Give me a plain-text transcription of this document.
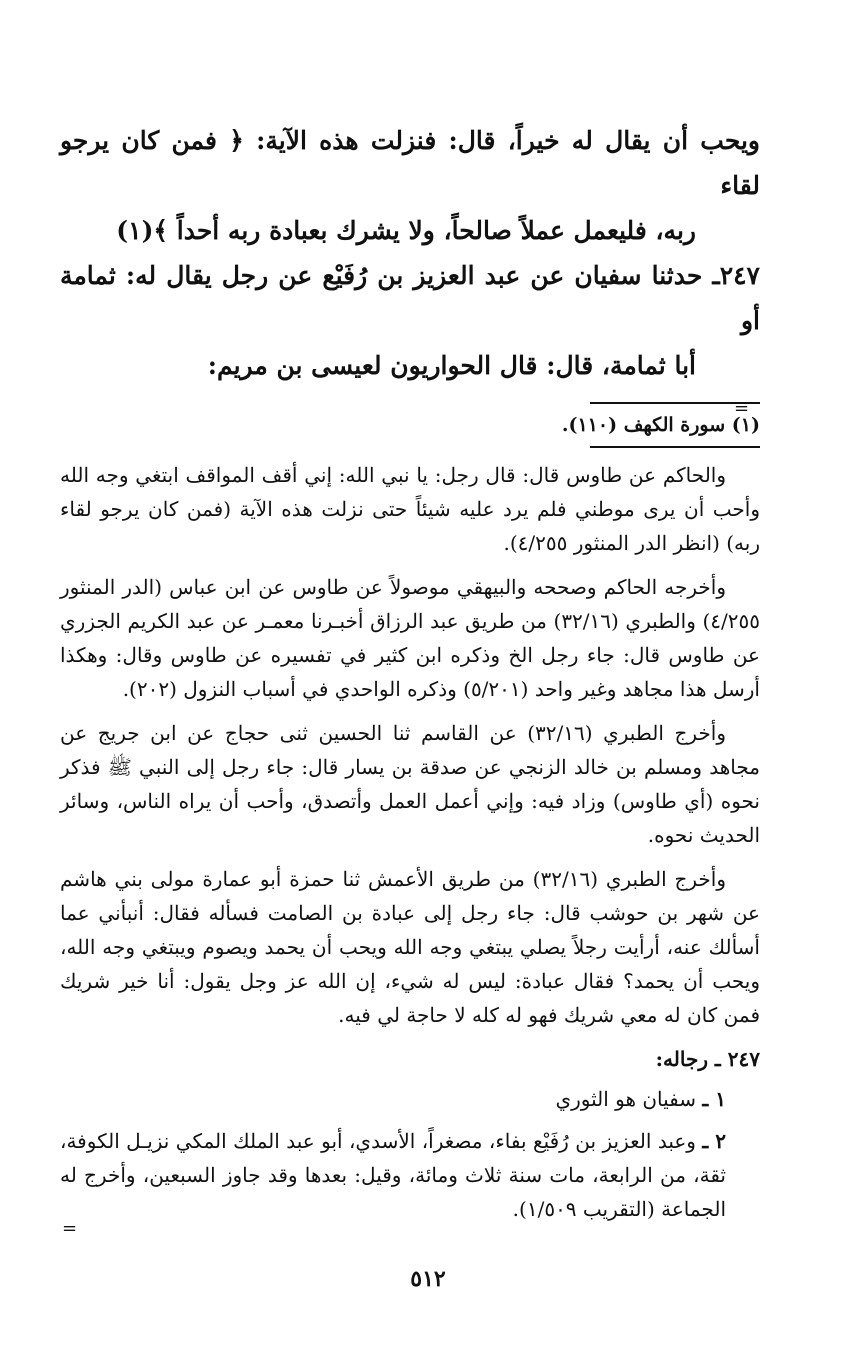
ويحب أن يقال له خيراً، قال: فنزلت هذه الآية: ﴿ فمن كان يرجو لقاء

ربه، فليعمل عملاً صالحاً، ولا يشرك بعبادة ربه أحداً ﴾(١)

٢٤٧ـ حدثنا سفيان عن عبد العزيز بن رُفَيْع عن رجل يقال له: ثمامة أو

أبا ثمامة، قال: قال الحواريون لعيسى بن مريم:

(١) سورة الكهف (١١٠).

والحاكم عن طاوس قال: قال رجل: يا نبي الله: إني أقف المواقف ابتغي وجه الله وأحب أن يرى موطني فلم يرد عليه شيئاً حتى نزلت هذه الآية (فمن كان يرجو لقاء ربه) (انظر الدر المنثور ٤/٢٥٥).

وأخرجه الحاكم وصححه والبيهقي موصولاً عن طاوس عن ابن عباس (الدر المنثور ٤/٢٥٥) والطبري (٣٢/١٦) من طريق عبد الرزاق أخبـرنا معمـر عن عبد الكريم الجزري عن طاوس قال: جاء رجل الخ وذكره ابن كثير في تفسيره عن طاوس وقال: وهكذا أرسل هذا مجاهد وغير واحد (٥/٢٠١) وذكره الواحدي في أسباب النزول (٢٠٢).

وأخرج الطبري (٣٢/١٦) عن القاسم ثنا الحسين ثنى حجاج عن ابن جريج عن مجاهد ومسلم بن خالد الزنجي عن صدقة بن يسار قال: جاء رجل إلى النبي ﷺ فذكر نحوه (أي طاوس) وزاد فيه: وإني أعمل العمل وأتصدق، وأحب أن يراه الناس، وسائر الحديث نحوه.

وأخرج الطبري (٣٢/١٦) من طريق الأعمش ثنا حمزة أبو عمارة مولى بني هاشم عن شهر بن حوشب قال: جاء رجل إلى عبادة بن الصامت فسأله فقال: أنبأني عما أسألك عنه، أرأيت رجلاً يصلي يبتغي وجه الله ويحب أن يحمد ويصوم ويبتغي وجه الله، ويحب أن يحمد؟ فقال عبادة: ليس له شيء، إن الله عز وجل يقول: أنا خير شريك فمن كان له معي شريك فهو له كله لا حاجة لي فيه.

٢٤٧ ـ رجاله:
١ ـ سفيان هو الثوري
٢ ـ وعبد العزيز بن رُفَيْع بفاء، مصغراً، الأسدي، أبو عبد الملك المكي نزيـل الكوفة، ثقة، من الرابعة، مات سنة ثلاث ومائة، وقيل: بعدها وقد جاوز السبعين، وأخرج له الجماعة (التقريب ١/٥٠٩).
=
=
٥١٢
